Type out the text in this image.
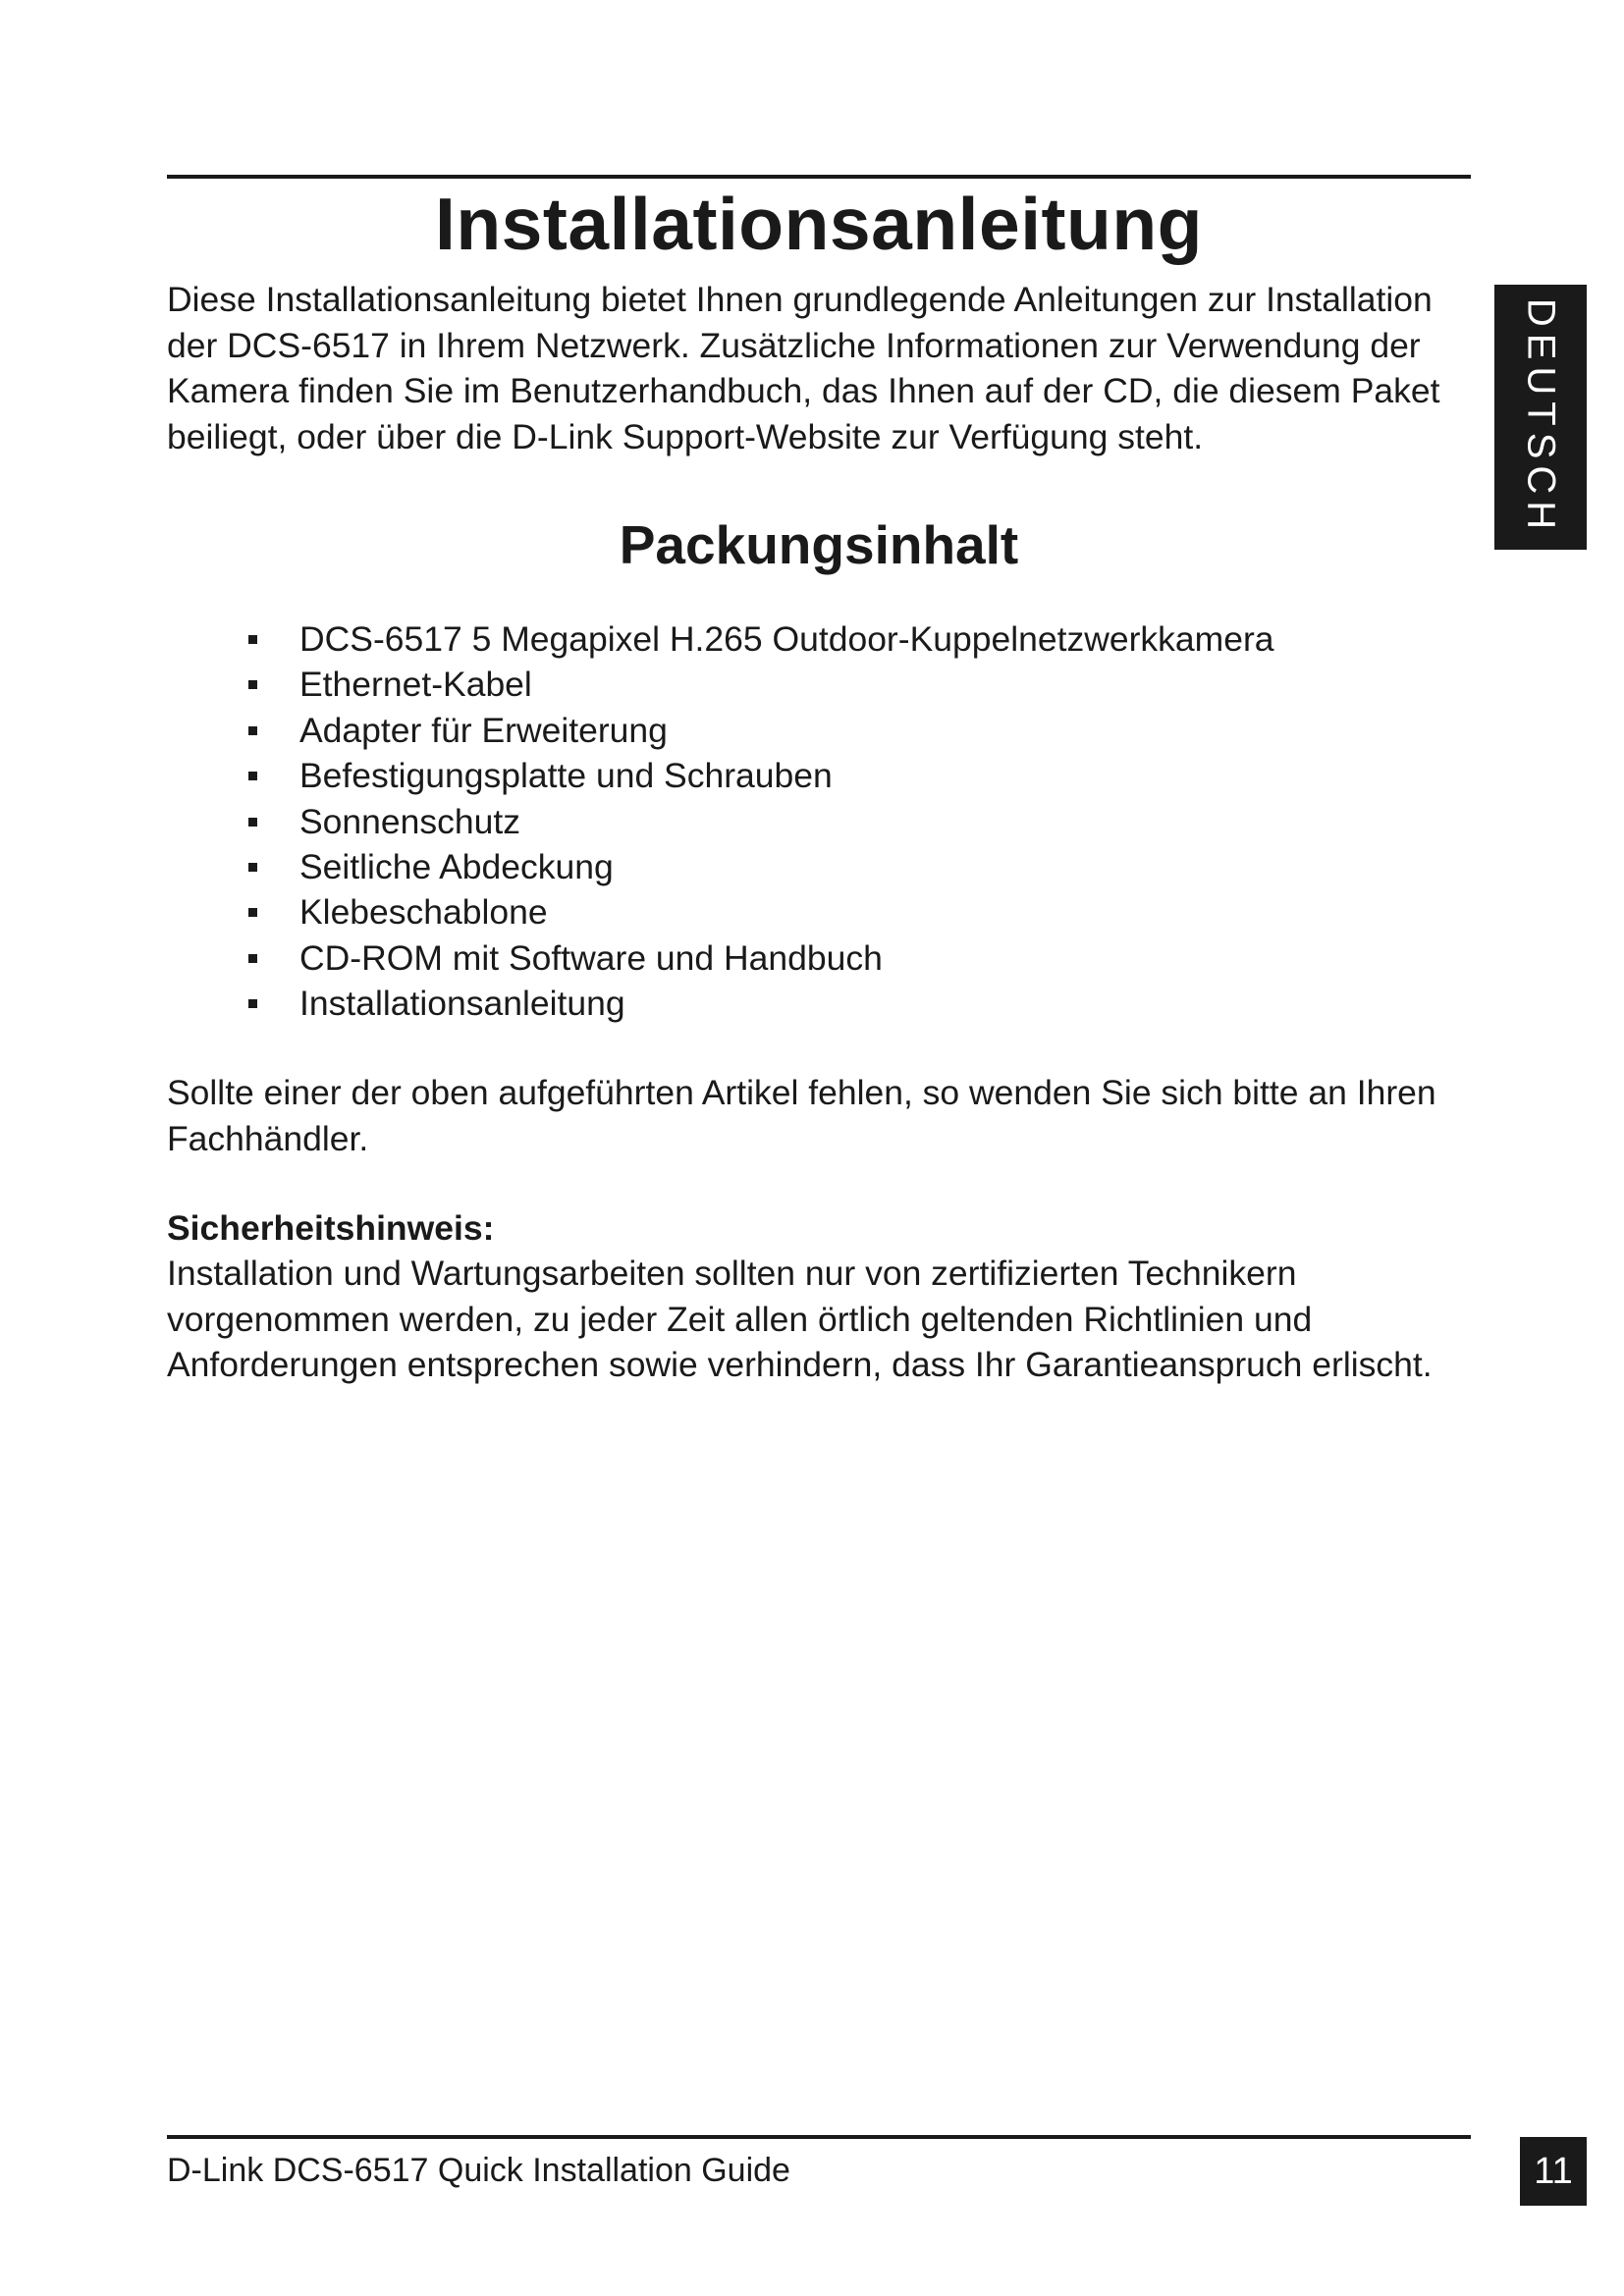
Installationsanleitung

Diese Installationsanleitung bietet Ihnen grundlegende Anleitungen zur Installation
der DCS-6517 in Ihrem Netzwerk. Zusätzliche Informationen zur Verwendung der
Kamera finden Sie im Benutzerhandbuch, das Ihnen auf der CD, die diesem Paket
beiliegt, oder über die D-Link Support-Website zur Verfügung steht.

Packungsinhalt
DCS-6517 5 Megapixel H.265 Outdoor-Kuppelnetzwerkkamera
Ethernet-Kabel
Adapter für Erweiterung
Befestigungsplatte und Schrauben
Sonnenschutz
Seitliche Abdeckung
Klebeschablone
CD-ROM mit Software und Handbuch
Installationsanleitung

Sollte einer der oben aufgeführten Artikel fehlen, so wenden Sie sich bitte an Ihren
Fachhändler.

Sicherheitshinweis:

Installation und Wartungsarbeiten sollten nur von zertifizierten Technikern
vorgenommen werden, zu jeder Zeit allen örtlich geltenden Richtlinien und
Anforderungen entsprechen sowie verhindern, dass Ihr Garantieanspruch erlischt.

DEUTSCH
D-Link DCS-6517 Quick Installation Guide	11
